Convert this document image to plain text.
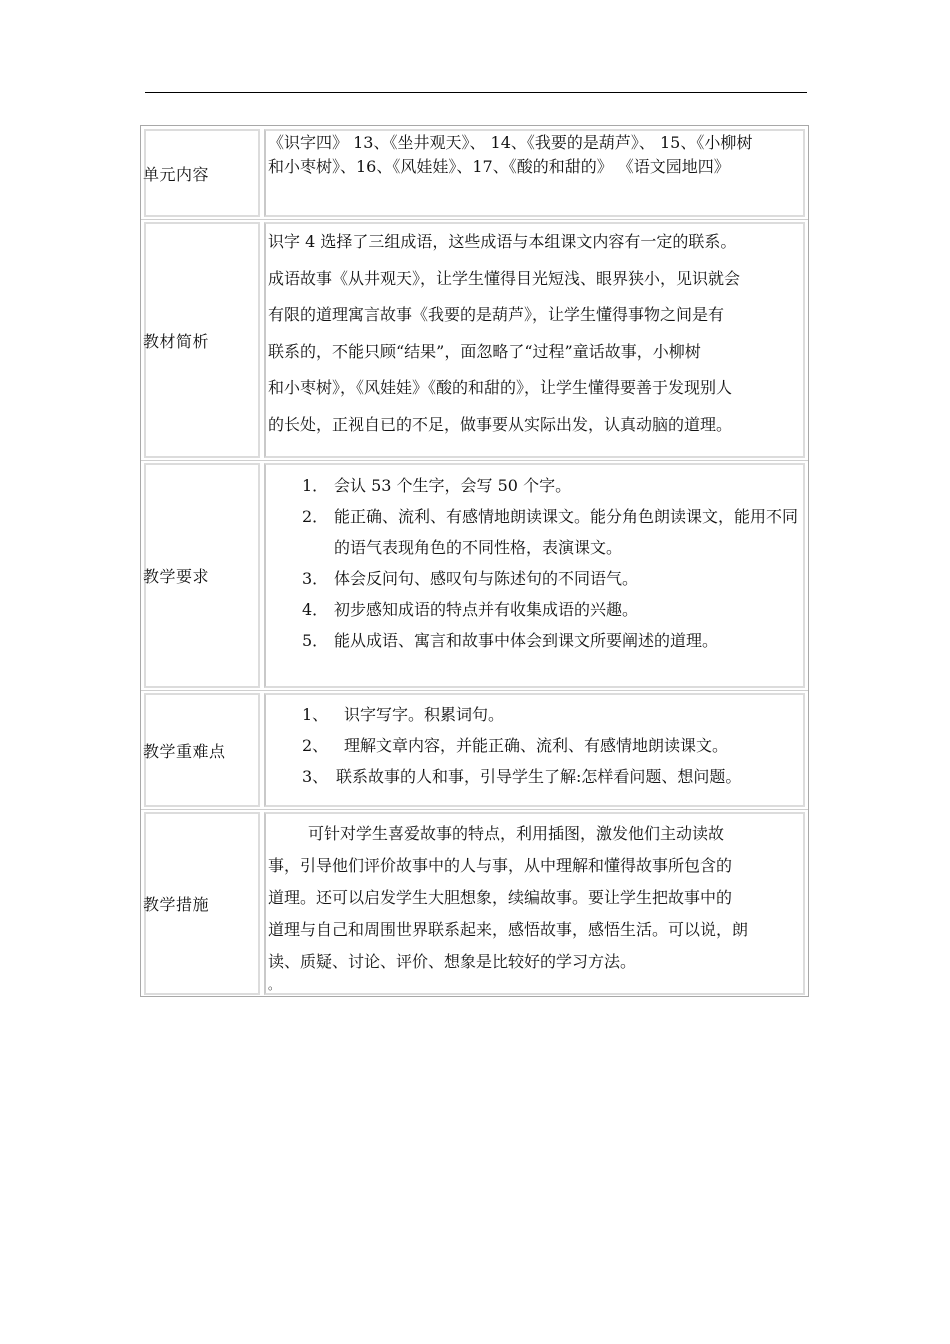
单元内容
《识字四》 13、《坐井观天》、 14、《我要的是葫芦》、 15、《小柳树
和小枣树》、16、《风娃娃》、17、《酸的和甜的》 《语文园地四》
教材简析
识字 4 选择了三组成语，这些成语与本组课文内容有一定的联系。
成语故事《从井观天》，让学生懂得目光短浅、眼界狭小，见识就会
有限的道理寓言故事《我要的是葫芦》，让学生懂得事物之间是有
联系的，不能只顾“结果”，面忽略了“过程”童话故事，小柳树
和小枣树》，《风娃娃》《酸的和甜的》，让学生懂得要善于发现别人
的长处，正视自已的不足，做事要从实际出发，认真动脑的道理。
教学要求
1． 会认 53 个生字，会写 50 个字。
2． 能正确、流利、有感情地朗读课文。能分角色朗读课文，能用不同的语气表现角色的不同性格，表演课文。
3． 体会反问句、感叹句与陈述句的不同语气。
4． 初步感知成语的特点并有收集成语的兴趣。
5． 能从成语、寓言和故事中体会到课文所要阐述的道理。
教学重难点
1、 识字写字。积累词句。
2、 理解文章内容，并能正确、流利、有感情地朗读课文。
3、 联系故事的人和事，引导学生了解:怎样看问题、想问题。
教学措施
可针对学生喜爱故事的特点，利用插图，激发他们主动读故
事，引导他们评价故事中的人与事，从中理解和懂得故事所包含的
道理。还可以启发学生大胆想象，续编故事。要让学生把故事中的
道理与自己和周围世界联系起来，感悟故事，感悟生活。可以说，朗
读、质疑、讨论、评价、想象是比较好的学习方法。
。
